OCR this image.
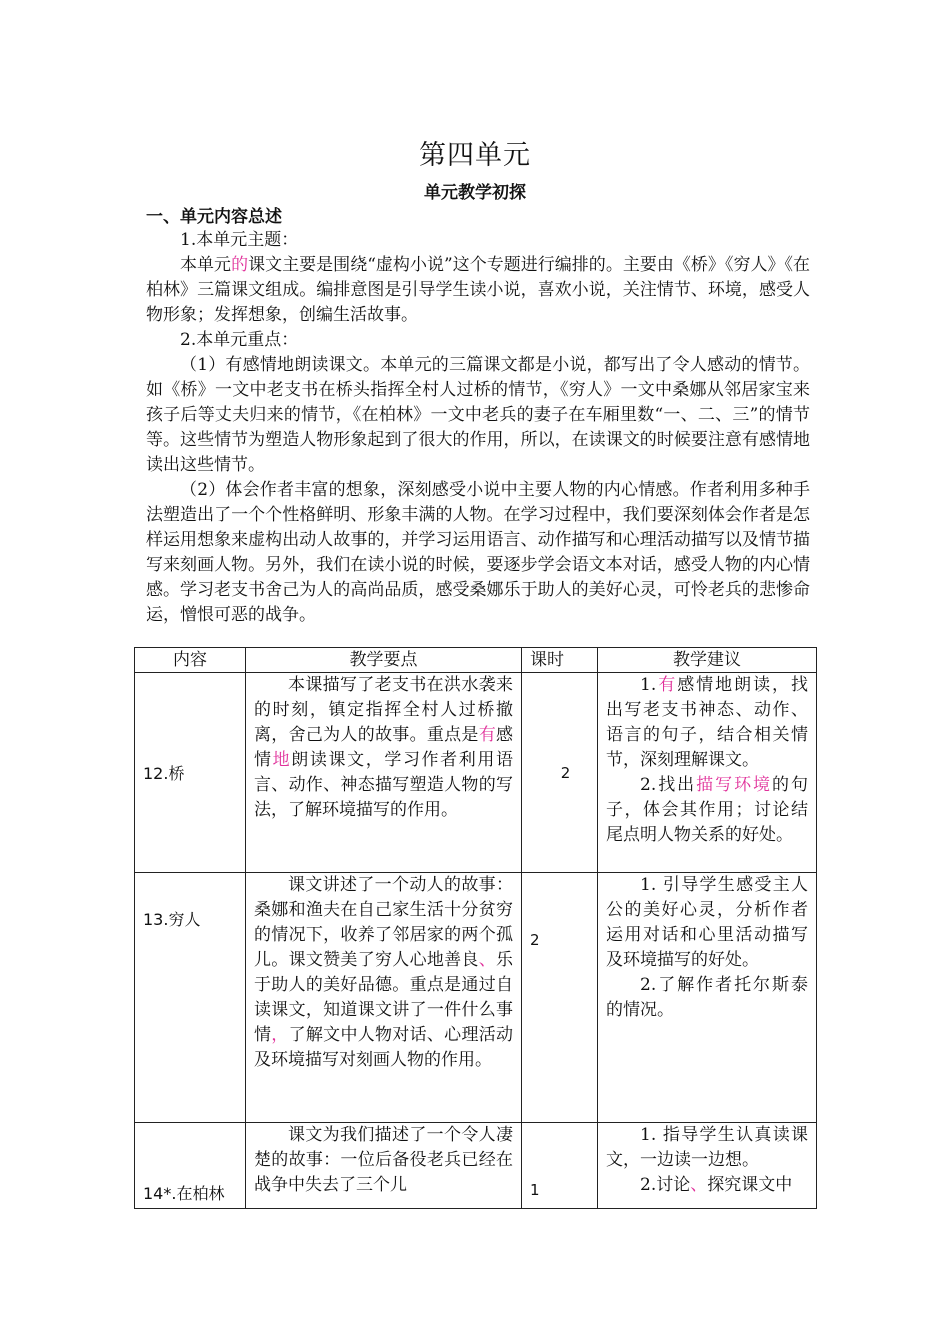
第四单元
单元教学初探
一、单元内容总述
1.本单元主题：
本单元的课文主要是围绕“虚构小说”这个专题进行编排的。主要由《桥》《穷人》《在柏林》三篇课文组成。编排意图是引导学生读小说，喜欢小说，关注情节、环境，感受人物形象；发挥想象，创编生活故事。
2.本单元重点：
（1）有感情地朗读课文。本单元的三篇课文都是小说，都写出了令人感动的情节。如《桥》一文中老支书在桥头指挥全村人过桥的情节，《穷人》一文中桑娜从邻居家宝来孩子后等丈夫归来的情节，《在柏林》一文中老兵的妻子在车厢里数“一、二、三”的情节等。这些情节为塑造人物形象起到了很大的作用，所以，在读课文的时候要注意有感情地读出这些情节。
（2）体会作者丰富的想象，深刻感受小说中主要人物的内心情感。作者利用多种手法塑造出了一个个性格鲜明、形象丰满的人物。在学习过程中，我们要深刻体会作者是怎样运用想象来虚构出动人故事的，并学习运用语言、动作描写和心理活动描写以及情节描写来刻画人物。另外，我们在读小说的时候，要逐步学会语文本对话，感受人物的内心情感。学习老支书舍己为人的高尚品质，感受桑娜乐于助人的美好心灵，可怜老兵的悲惨命运，憎恨可恶的战争。
内容	教学要点	课时	教学建议
12.桥	本课描写了老支书在洪水袭来的时刻，镇定指挥全村人过桥撤离，舍己为人的故事。重点是有感情地朗读课文，学习作者利用语言、动作、神态描写塑造人物的写法，了解环境描写的作用。	2	1.有感情地朗读，找出写老支书神态、动作、语言的句子，结合相关情节，深刻理解课文。
2.找出描写环境的句子，体会其作用；讨论结尾点明人物关系的好处。

13.穷人	课文讲述了一个动人的故事：桑娜和渔夫在自己家生活十分贫穷的情况下，收养了邻居家的两个孤儿。课文赞美了穷人心地善良、乐于助人的美好品德。重点是通过自读课文，知道课文讲了一件什么事情，了解文中人物对话、心理活动及环境描写对刻画人物的作用。	2	1. 引导学生感受主人公的美好心灵，分析作者运用对话和心里活动描写及环境描写的好处。
2.了解作者托尔斯泰的情况。

14*.在柏林	课文为我们描述了一个令人凄楚的故事：一位后备役老兵已经在战争中失去了三个儿	1	1. 指导学生认真读课文，一边读一边想。
2.讨论、探究课文中
